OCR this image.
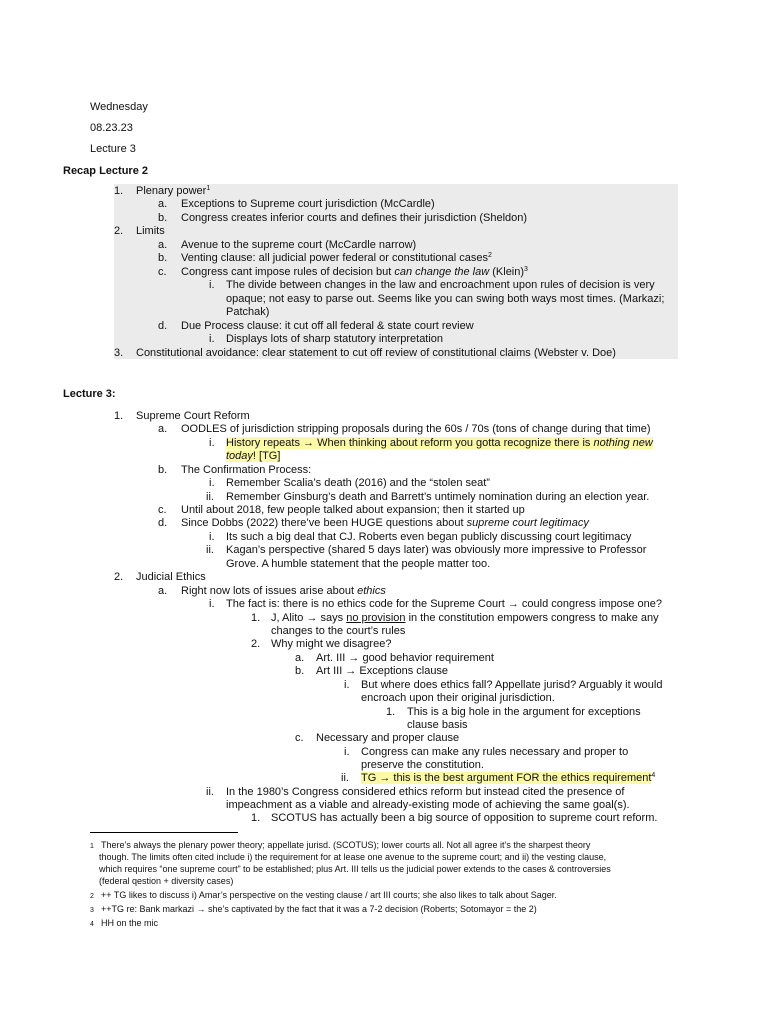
Wednesday
08.23.23
Lecture 3
Recap Lecture 2
1. Plenary power$^1$
a. Exceptions to Supreme court jurisdiction (McCardle)
b. Congress creates inferior courts and defines their jurisdiction (Sheldon)
2. Limits
a. Avenue to the supreme court (McCardle narrow)
b. Venting clause: all judicial power federal or constitutional cases$^2$
c. Congress cant impose rules of decision but can change the law (Klein)$^3$
i. The divide between changes in the law and encroachment upon rules of decision is very
opaque; not easy to parse out. Seems like you can swing both ways most times. (Markazi;
Patchak)
d. Due Process clause: it cut off all federal & state court review
i. Displays lots of sharp statutory interpretation
3. Constitutional avoidance: clear statement to cut off review of constitutional claims (Webster v. Doe)
Lecture 3:
1. Supreme Court Reform
a. OODLES of jurisdiction stripping proposals during the 60s / 70s (tons of change during that time)
i. History repeats → When thinking about reform you gotta recognize there is nothing new
today! [TG]
b. The Confirmation Process:
i. Remember Scalia’s death (2016) and the “stolen seat”
ii. Remember Ginsburg’s death and Barrett’s untimely nomination during an election year.
c. Until about 2018, few people talked about expansion; then it started up
d. Since Dobbs (2022) there’ve been HUGE questions about supreme court legitimacy
i. Its such a big deal that CJ. Roberts even began publicly discussing court legitimacy
ii. Kagan’s perspective (shared 5 days later) was obviously more impressive to Professor
Grove. A humble statement that the people matter too.
2. Judicial Ethics
a. Right now lots of issues arise about ethics
i. The fact is: there is no ethics code for the Supreme Court → could congress impose one?
1. J, Alito → says no provision in the constitution empowers congress to make any
changes to the court’s rules
2. Why might we disagree?
a. Art. III → good behavior requirement
b. Art III → Exceptions clause
i. But where does ethics fall? Appellate jurisd? Arguably it would
encroach upon their original jurisdiction.
1. This is a big hole in the argument for exceptions
clause basis
c. Necessary and proper clause
i. Congress can make any rules necessary and proper to
preserve the constitution.
ii. TG → this is the best argument FOR the ethics requirement$^4$
ii. In the 1980’s Congress considered ethics reform but instead cited the presence of
impeachment as a viable and already-existing mode of achieving the same goal(s).
1. SCOTUS has actually been a big source of opposition to supreme court reform.
1 There’s always the plenary power theory; appellate jurisd. (SCOTUS); lower courts all. Not all agree it’s the sharpest theory
though. The limits often cited include i) the requirement for at lease one avenue to the supreme court; and ii) the vesting clause,
which requires “one supreme court” to be established; plus Art. III tells us the judicial power extends to the cases & controversies
(federal qestion + diversity cases)
2 ++ TG likes to discuss i) Amar’s perspective on the vesting clause / art III courts; she also likes to talk about Sager.
3 ++TG re: Bank markazi → she’s captivated by the fact that it was a 7-2 decision (Roberts; Sotomayor = the 2)
4 HH on the mic
